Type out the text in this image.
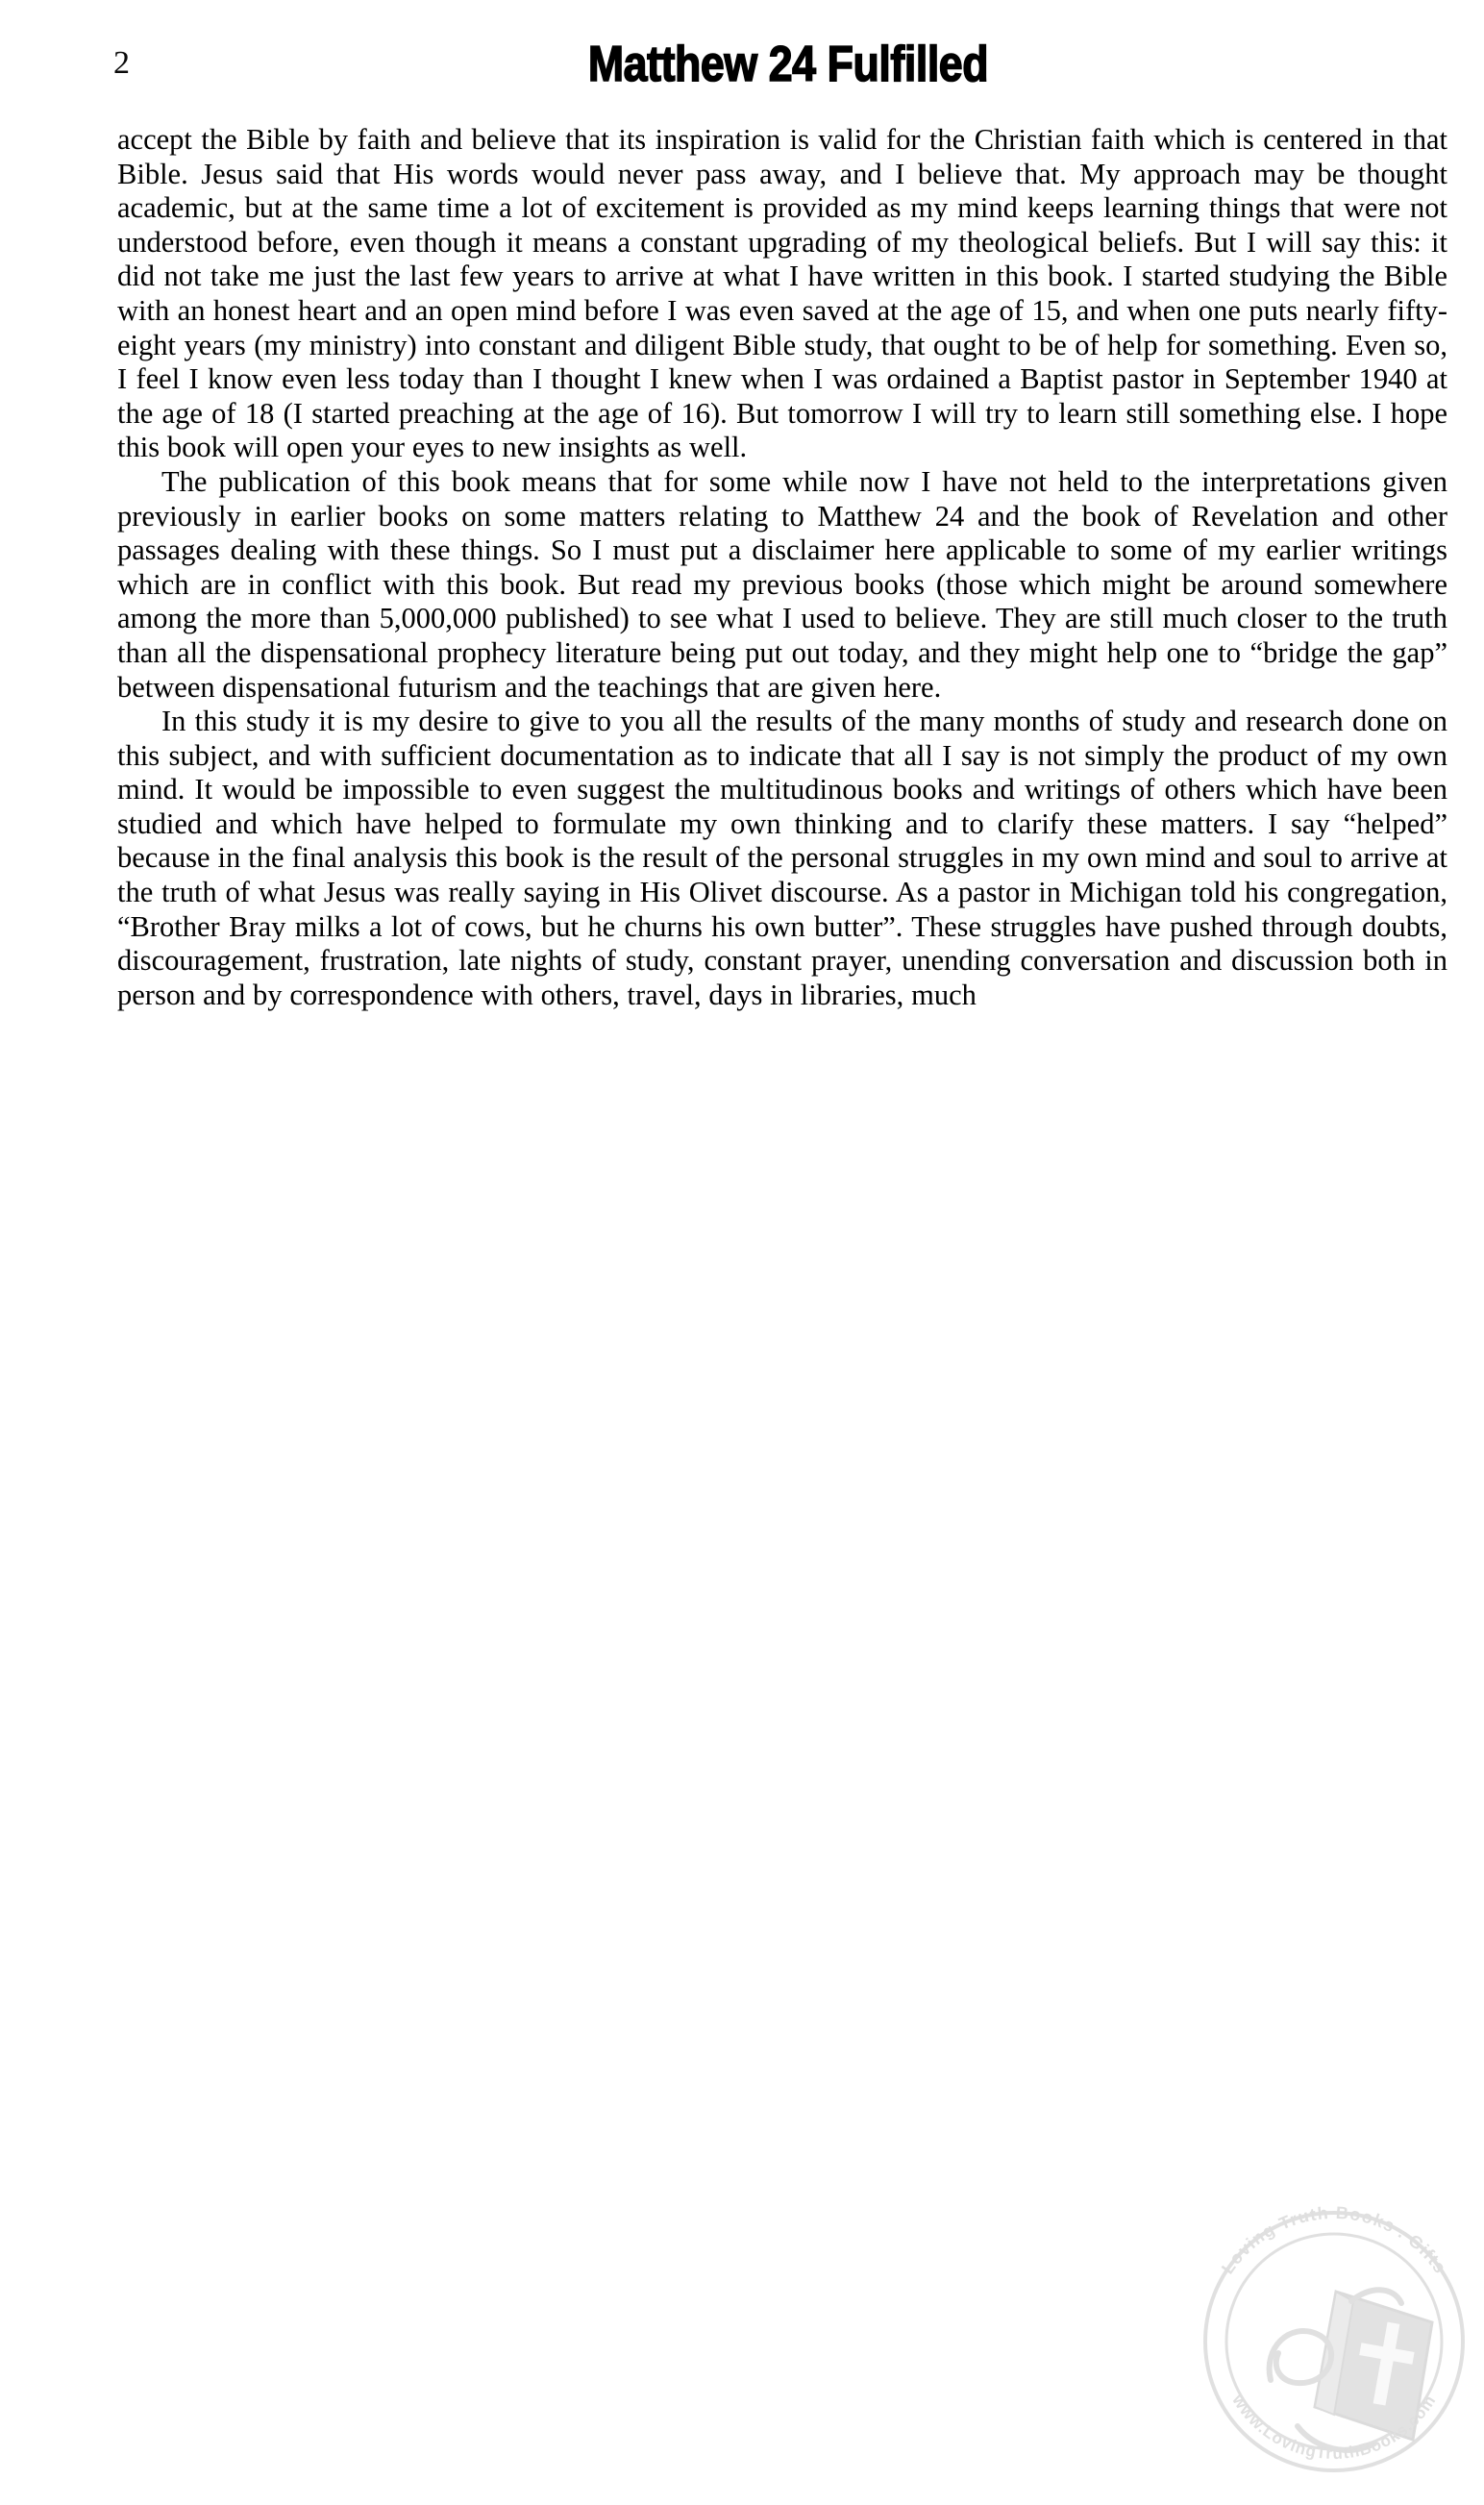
2	Matthew 24 Fulfilled

accept the Bible by faith and believe that its inspiration is valid for the Christian faith which is centered in that Bible. Jesus said that His words would never pass away, and I believe that. My approach may be thought academic, but at the same time a lot of excitement is provided as my mind keeps learning things that were not understood before, even though it means a constant upgrading of my theological beliefs. But I will say this: it did not take me just the last few years to arrive at what I have written in this book. I started studying the Bible with an honest heart and an open mind before I was even saved at the age of 15, and when one puts nearly fifty-eight years (my ministry) into constant and diligent Bible study, that ought to be of help for something. Even so, I feel I know even less today than I thought I knew when I was ordained a Baptist pastor in September 1940 at the age of 18 (I started preaching at the age of 16). But tomorrow I will try to learn still something else. I hope this book will open your eyes to new insights as well.

The publication of this book means that for some while now I have not held to the interpretations given previously in earlier books on some matters relating to Matthew 24 and the book of Revelation and other passages dealing with these things. So I must put a disclaimer here applicable to some of my earlier writings which are in conflict with this book. But read my previous books (those which might be around somewhere among the more than 5,000,000 published) to see what I used to believe. They are still much closer to the truth than all the dispensational prophecy literature being put out today, and they might help one to “bridge the gap” between dispensational futurism and the teachings that are given here.

In this study it is my desire to give to you all the results of the many months of study and research done on this subject, and with sufficient documentation as to indicate that all I say is not simply the product of my own mind. It would be impossible to even suggest the multitudinous books and writings of others which have been studied and which have helped to formulate my own thinking and to clarify these matters. I say “helped” because in the final analysis this book is the result of the personal struggles in my own mind and soul to arrive at the truth of what Jesus was really saying in His Olivet discourse. As a pastor in Michigan told his congregation, “Brother Bray milks a lot of cows, but he churns his own butter”. These struggles have pushed through doubts, discouragement, frustration, late nights of study, constant prayer, unending conversation and discussion both in person and by correspondence with others, travel, days in libraries, much

Loving Truth Books . Gifts
www.LovingTruthBooks.com
